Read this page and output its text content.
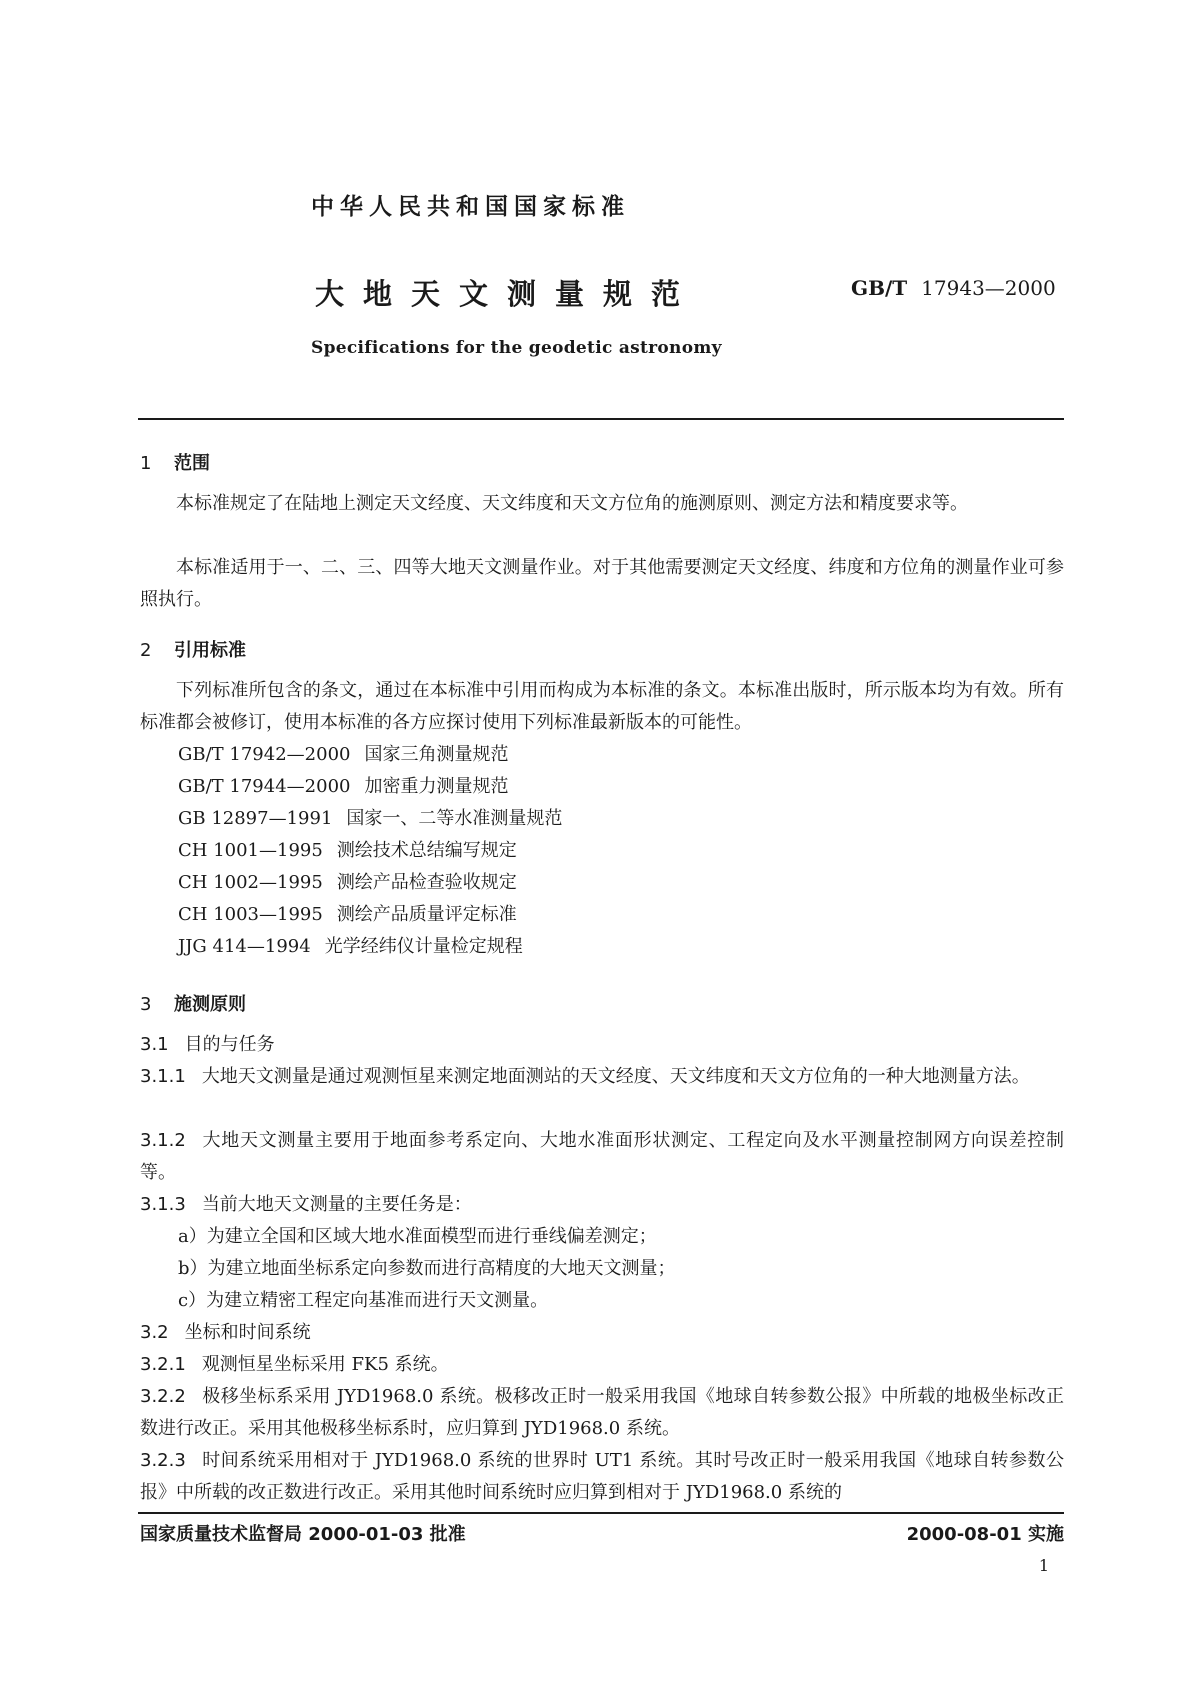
中华人民共和国国家标准
大地天文测量规范	GB/T 17943—2000
Specifications for the geodetic astronomy
1 范围
本标准规定了在陆地上测定天文经度、天文纬度和天文方位角的施测原则、测定方法和精度要求等。
本标准适用于一、二、三、四等大地天文测量作业。对于其他需要测定天文经度、纬度和方位角的测量作业可参照执行。
2 引用标准
下列标准所包含的条文，通过在本标准中引用而构成为本标准的条文。本标准出版时，所示版本均为有效。所有标准都会被修订，使用本标准的各方应探讨使用下列标准最新版本的可能性。
GB/T 17942—2000 国家三角测量规范
GB/T 17944—2000 加密重力测量规范
GB 12897—1991 国家一、二等水准测量规范
CH 1001—1995 测绘技术总结编写规定
CH 1002—1995 测绘产品检查验收规定
CH 1003—1995 测绘产品质量评定标准
JJG 414—1994 光学经纬仪计量检定规程
3 施测原则
3.1 目的与任务
3.1.1 大地天文测量是通过观测恒星来测定地面测站的天文经度、天文纬度和天文方位角的一种大地测量方法。
3.1.2 大地天文测量主要用于地面参考系定向、大地水准面形状测定、工程定向及水平测量控制网方向误差控制等。
3.1.3 当前大地天文测量的主要任务是：
a）为建立全国和区域大地水准面模型而进行垂线偏差测定；
b）为建立地面坐标系定向参数而进行高精度的大地天文测量；
c）为建立精密工程定向基准而进行天文测量。
3.2 坐标和时间系统
3.2.1 观测恒星坐标采用 FK5 系统。
3.2.2 极移坐标系采用 JYD1968.0 系统。极移改正时一般采用我国《地球自转参数公报》中所载的地极坐标改正数进行改正。采用其他极移坐标系时，应归算到 JYD1968.0 系统。
3.2.3 时间系统采用相对于 JYD1968.0 系统的世界时 UT1 系统。其时号改正时一般采用我国《地球自转参数公报》中所载的改正数进行改正。采用其他时间系统时应归算到相对于 JYD1968.0 系统的
国家质量技术监督局 2000-01-03 批准	2000-08-01 实施
1
